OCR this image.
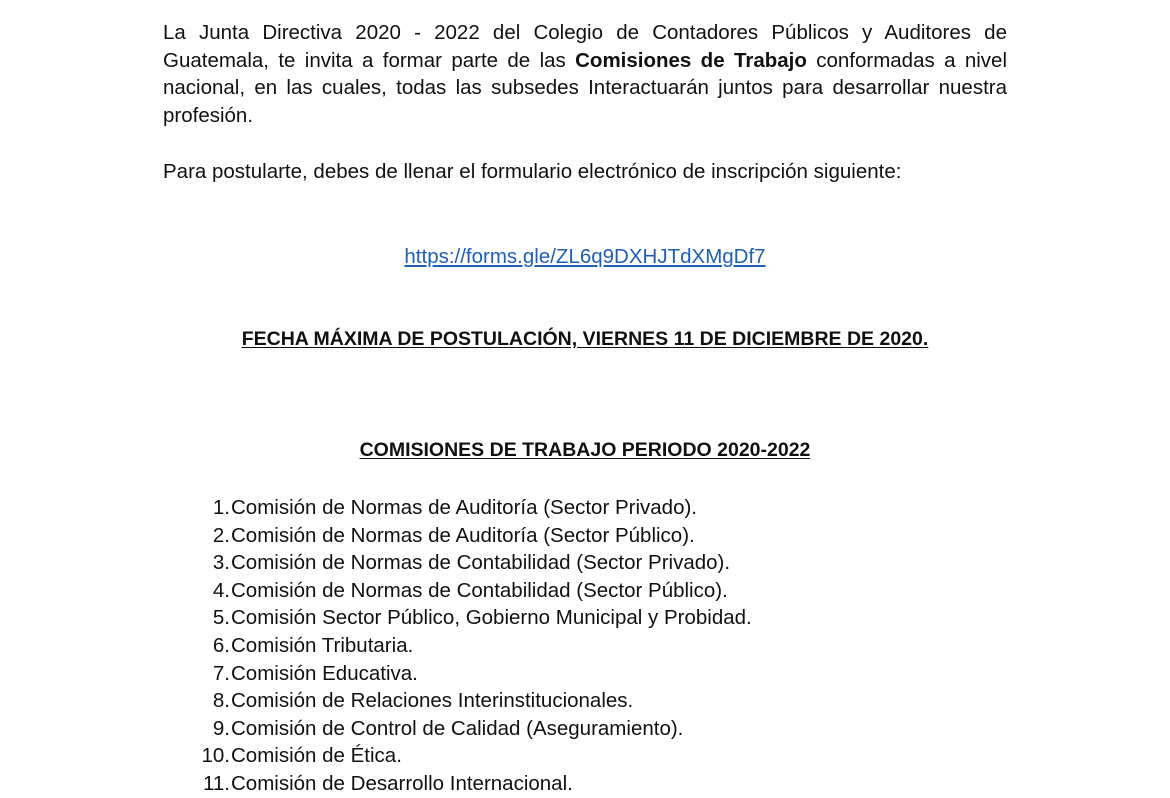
La Junta Directiva 2020 - 2022 del Colegio de Contadores Públicos y Auditores de Guatemala, te invita a formar parte de las Comisiones de Trabajo conformadas a nivel nacional, en las cuales, todas las subsedes Interactuarán juntos para desarrollar nuestra profesión.

Para postularte, debes de llenar el formulario electrónico de inscripción siguiente:

https://forms.gle/ZL6q9DXHJTdXMgDf7

FECHA MÁXIMA DE POSTULACIÓN, VIERNES 11 DE DICIEMBRE DE 2020.

COMISIONES DE TRABAJO PERIODO 2020-2022

1. Comisión de Normas de Auditoría (Sector Privado).
2. Comisión de Normas de Auditoría (Sector Público).
3. Comisión de Normas de Contabilidad (Sector Privado).
4. Comisión de Normas de Contabilidad (Sector Público).
5. Comisión Sector Público, Gobierno Municipal y Probidad.
6. Comisión Tributaria.
7. Comisión Educativa.
8. Comisión de Relaciones Interinstitucionales.
9. Comisión de Control de Calidad (Aseguramiento).
10. Comisión de Ética.
11. Comisión de Desarrollo Internacional.
